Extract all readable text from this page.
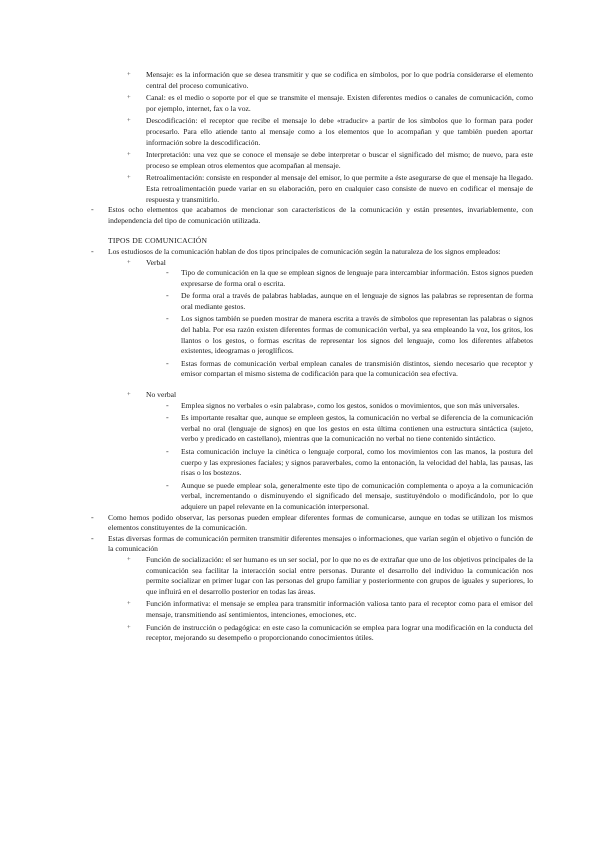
+ Mensaje: es la información que se desea transmitir y que se codifica en símbolos, por lo que podría considerarse el elemento central del proceso comunicativo.
+ Canal: es el medio o soporte por el que se transmite el mensaje. Existen diferentes medios o canales de comunicación, como por ejemplo, internet, fax o la voz.
+ Descodificación: el receptor que recibe el mensaje lo debe «traducir» a partir de los símbolos que lo forman para poder procesarlo. Para ello atiende tanto al mensaje como a los elementos que lo acompañan y que también pueden aportar información sobre la descodificación.
+ Interpretación: una vez que se conoce el mensaje se debe interpretar o buscar el significado del mismo; de nuevo, para este proceso se emplean otros elementos que acompañan al mensaje.
+ Retroalimentación: consiste en responder al mensaje del emisor, lo que permite a éste asegurarse de que el mensaje ha llegado. Esta retroalimentación puede variar en su elaboración, pero en cualquier caso consiste de nuevo en codificar el mensaje de respuesta y transmitirlo.
- Estos ocho elementos que acabamos de mencionar son característicos de la comunicación y están presentes, invariablemente, con independencia del tipo de comunicación utilizada.
TIPOS DE COMUNICACIÓN
- Los estudiosos de la comunicación hablan de dos tipos principales de comunicación según la naturaleza de los signos empleados:
+ Verbal
- Tipo de comunicación en la que se emplean signos de lenguaje para intercambiar información. Estos signos pueden expresarse de forma oral o escrita.
- De forma oral a través de palabras habladas, aunque en el lenguaje de signos las palabras se representan de forma oral mediante gestos.
- Los signos también se pueden mostrar de manera escrita a través de símbolos que representan las palabras o signos del habla. Por esa razón existen diferentes formas de comunicación verbal, ya sea empleando la voz, los gritos, los llantos o los gestos, o formas escritas de representar los signos del lenguaje, como los diferentes alfabetos existentes, ideogramas o jeroglíficos.
- Estas formas de comunicación verbal emplean canales de transmisión distintos, siendo necesario que receptor y emisor compartan el mismo sistema de codificación para que la comunicación sea efectiva.
+ No verbal
- Emplea signos no verbales o «sin palabras», como los gestos, sonidos o movimientos, que son más universales.
- Es importante resaltar que, aunque se empleen gestos, la comunicación no verbal se diferencia de la comunicación verbal no oral (lenguaje de signos) en que los gestos en esta última contienen una estructura sintáctica (sujeto, verbo y predicado en castellano), mientras que la comunicación no verbal no tiene contenido sintáctico.
- Esta comunicación incluye la cinética o lenguaje corporal, como los movimientos con las manos, la postura del cuerpo y las expresiones faciales; y signos paraverbales, como la entonación, la velocidad del habla, las pausas, las risas o los bostezos.
- Aunque se puede emplear sola, generalmente este tipo de comunicación complementa o apoya a la comunicación verbal, incrementando o disminuyendo el significado del mensaje, sustituyéndolo o modificándolo, por lo que adquiere un papel relevante en la comunicación interpersonal.
- Como hemos podido observar, las personas pueden emplear diferentes formas de comunicarse, aunque en todas se utilizan los mismos elementos constituyentes de la comunicación.
- Estas diversas formas de comunicación permiten transmitir diferentes mensajes o informaciones, que varían según el objetivo o función de la comunicación
+ Función de socialización: el ser humano es un ser social, por lo que no es de extrañar que uno de los objetivos principales de la comunicación sea facilitar la interacción social entre personas. Durante el desarrollo del individuo la comunicación nos permite socializar en primer lugar con las personas del grupo familiar y posteriormente con grupos de iguales y superiores, lo que influirá en el desarrollo posterior en todas las áreas.
+ Función informativa: el mensaje se emplea para transmitir información valiosa tanto para el receptor como para el emisor del mensaje, transmitiendo así sentimientos, intenciones, emociones, etc.
+ Función de instrucción o pedagógica: en este caso la comunicación se emplea para lograr una modificación en la conducta del receptor, mejorando su desempeño o proporcionando conocimientos útiles.
